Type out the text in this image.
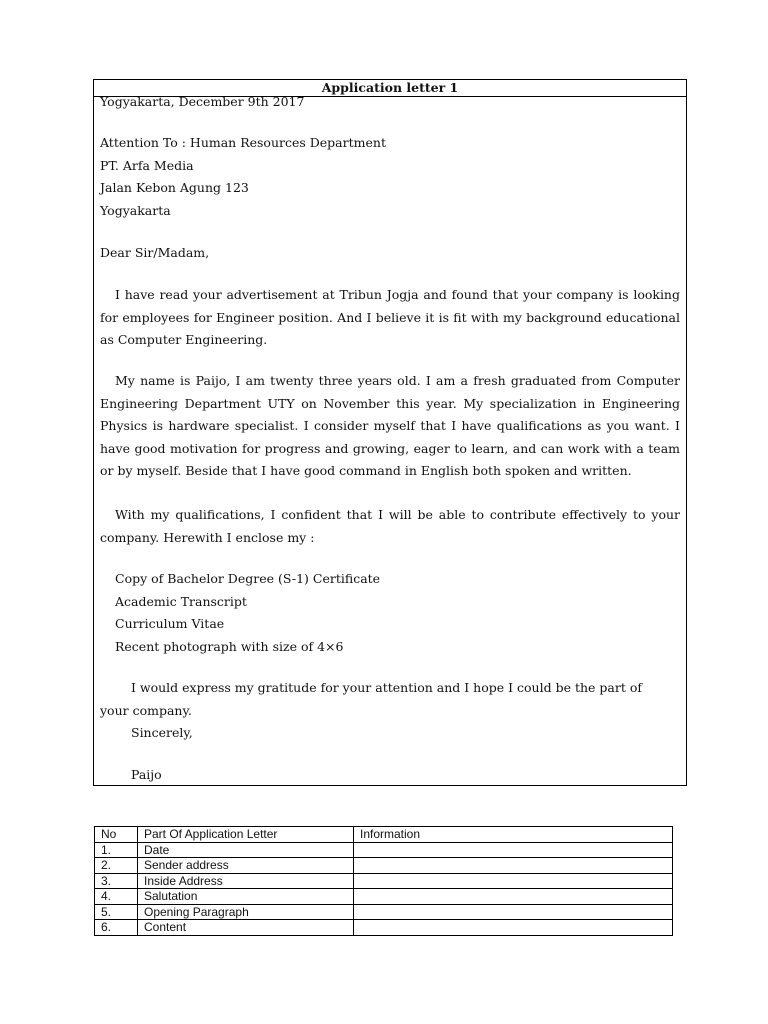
Application letter 1
Yogyakarta, December 9th 2017
Attention To : Human Resources Department
PT. Arfa Media
Jalan Kebon Agung 123
Yogyakarta
Dear Sir/Madam,
I have read your advertisement at Tribun Jogja and found that your company is looking for employees for Engineer position. And I believe it is fit with my background educational as Computer Engineering.
My name is Paijo, I am twenty three years old. I am a fresh graduated from Computer Engineering Department UTY on November this year. My specialization in Engineering Physics is hardware specialist. I consider myself that I have qualifications as you want. I have good motivation for progress and growing, eager to learn, and can work with a team or by myself. Beside that I have good command in English both spoken and written.
With my qualifications, I confident that I will be able to contribute effectively to your company. Herewith I enclose my :
Copy of Bachelor Degree (S-1) Certificate
Academic Transcript
Curriculum Vitae
Recent photograph with size of 4×6
I would express my gratitude for your attention and I hope I could be the part of
your company.
Sincerely,
Paijo
No	Part Of Application Letter	Information
1.	Date	
2.	Sender address	
3.	Inside Address	
4.	Salutation	
5.	Opening Paragraph	
6.	Content	
